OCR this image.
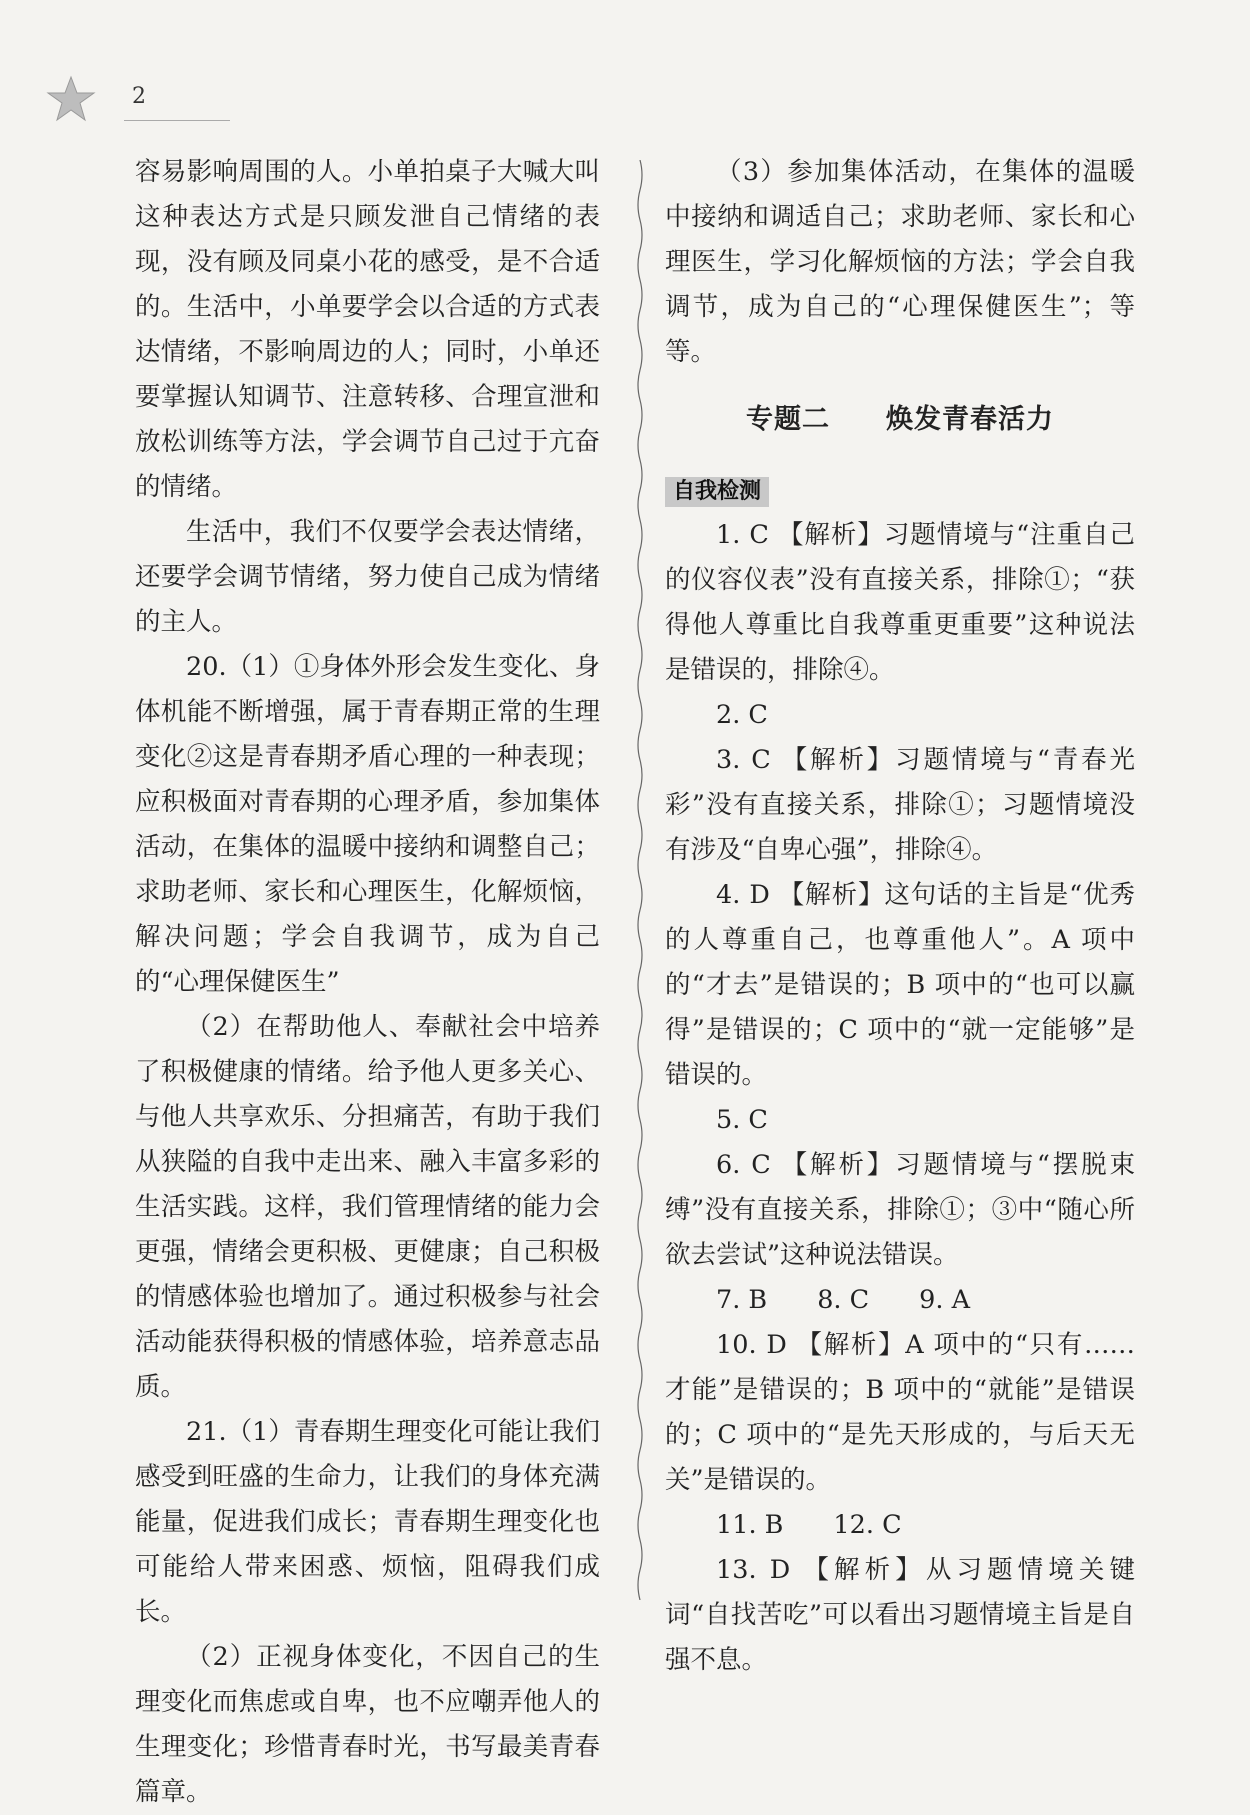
2

容易影响周围的人。小单拍桌子大喊大叫这种表达方式是只顾发泄自己情绪的表现，没有顾及同桌小花的感受，是不合适的。生活中，小单要学会以合适的方式表达情绪，不影响周边的人；同时，小单还要掌握认知调节、注意转移、合理宣泄和放松训练等方法，学会调节自己过于亢奋的情绪。

生活中，我们不仅要学会表达情绪，还要学会调节情绪，努力使自己成为情绪的主人。

20.（1）①身体外形会发生变化、身体机能不断增强，属于青春期正常的生理变化②这是青春期矛盾心理的一种表现；应积极面对青春期的心理矛盾，参加集体活动，在集体的温暖中接纳和调整自己；求助老师、家长和心理医生，化解烦恼，解决问题；学会自我调节，成为自己的“心理保健医生”

（2）在帮助他人、奉献社会中培养了积极健康的情绪。给予他人更多关心、与他人共享欢乐、分担痛苦，有助于我们从狭隘的自我中走出来、融入丰富多彩的生活实践。这样，我们管理情绪的能力会更强，情绪会更积极、更健康；自己积极的情感体验也增加了。通过积极参与社会活动能获得积极的情感体验，培养意志品质。

21.（1）青春期生理变化可能让我们感受到旺盛的生命力，让我们的身体充满能量，促进我们成长；青春期生理变化也可能给人带来困惑、烦恼，阻碍我们成长。

（2）正视身体变化，不因自己的生理变化而焦虑或自卑，也不应嘲弄他人的生理变化；珍惜青春时光，书写最美青春篇章。

（3）参加集体活动，在集体的温暖中接纳和调适自己；求助老师、家长和心理医生，学习化解烦恼的方法；学会自我调节，成为自己的“心理保健医生”；等等。

专题二 焕发青春活力

自我检测

1. C 【解析】习题情境与“注重自己的仪容仪表”没有直接关系，排除①；“获得他人尊重比自我尊重更重要”这种说法是错误的，排除④。

2. C

3. C 【解析】习题情境与“青春光彩”没有直接关系，排除①；习题情境没有涉及“自卑心强”，排除④。

4. D 【解析】这句话的主旨是“优秀的人尊重自己，也尊重他人”。A 项中的“才去”是错误的；B 项中的“也可以赢得”是错误的；C 项中的“就一定能够”是错误的。

5. C

6. C 【解析】习题情境与“摆脱束缚”没有直接关系，排除①；③中“随心所欲去尝试”这种说法错误。

7. B 8. C 9. A

10. D 【解析】A 项中的“只有……才能”是错误的；B 项中的“就能”是错误的；C 项中的“是先天形成的，与后天无关”是错误的。

11. B 12. C

13. D 【解析】从习题情境关键词“自找苦吃”可以看出习题情境主旨是自强不息。
